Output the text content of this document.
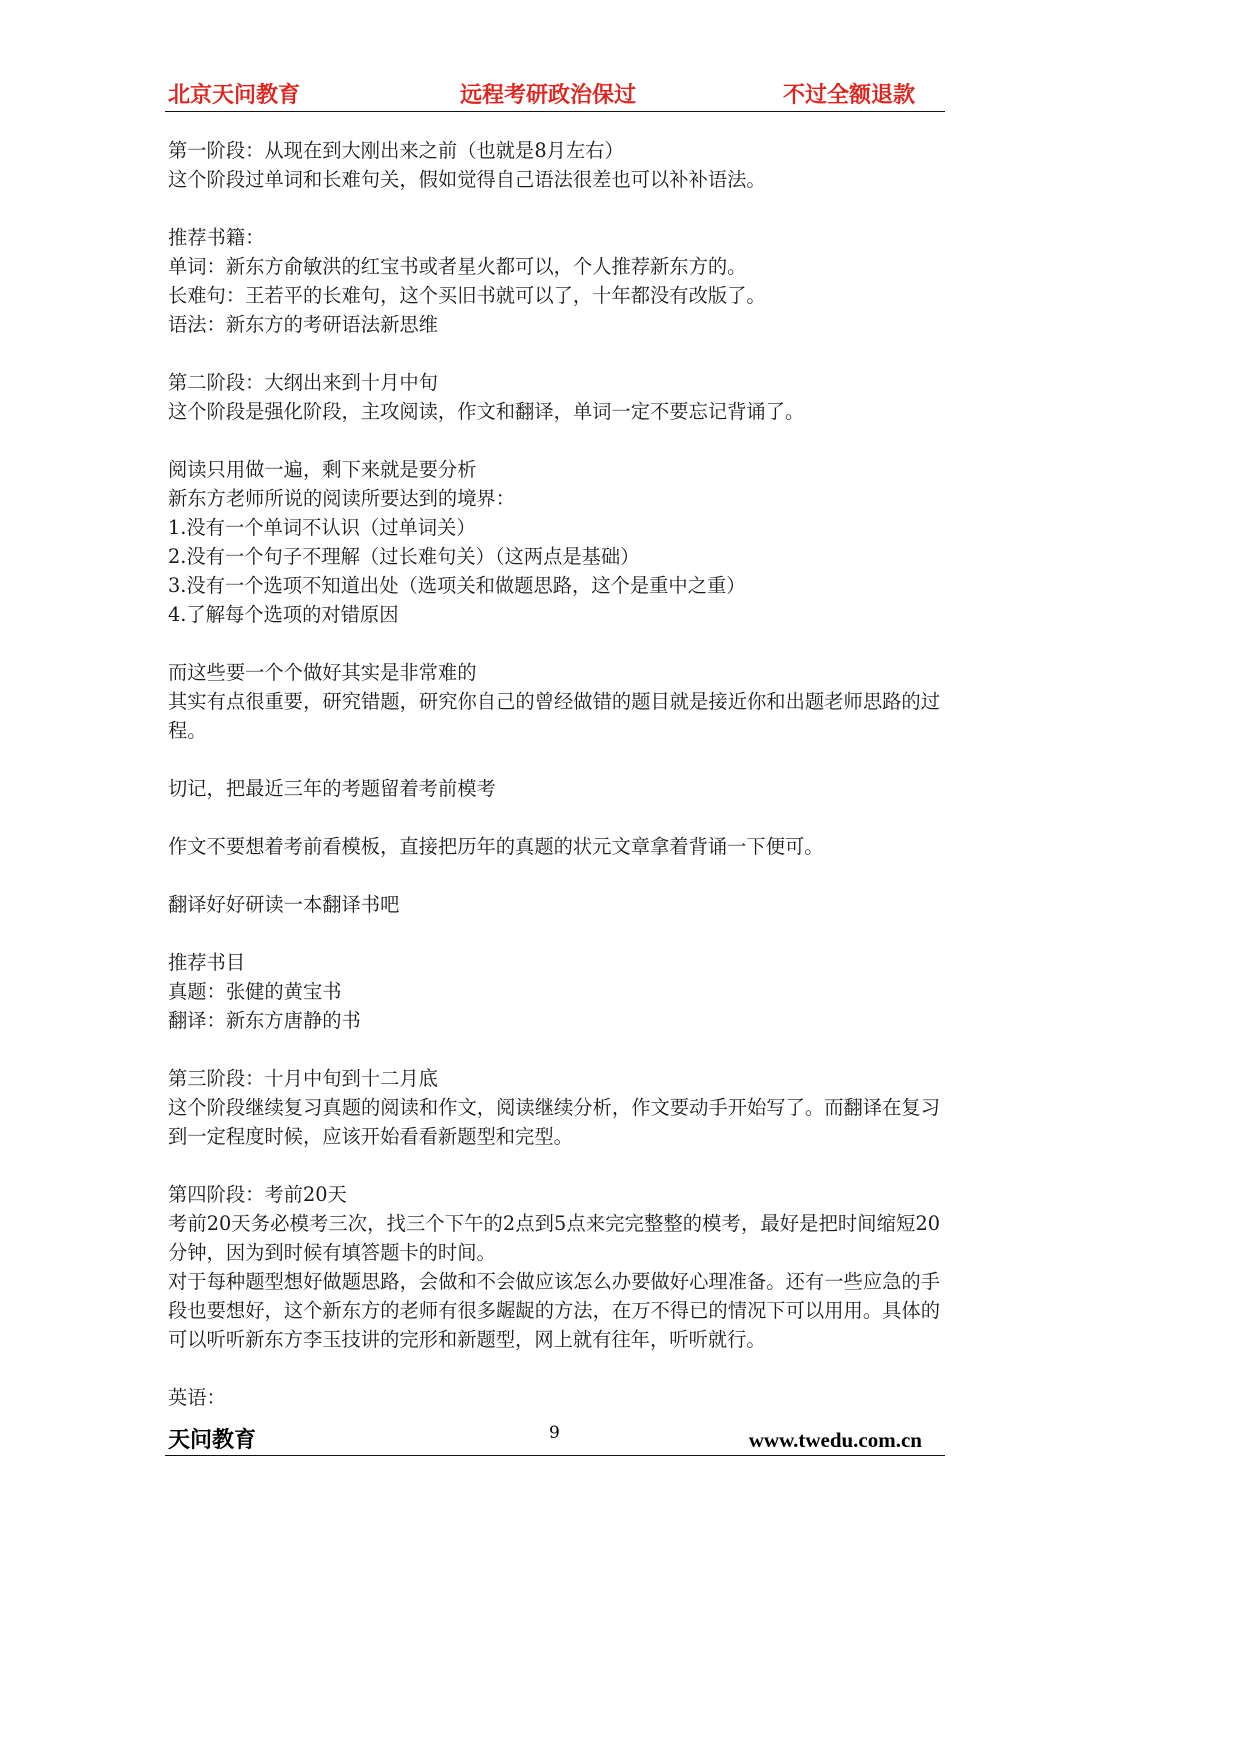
北京天问教育	远程考研政治保过	不过全额退款
第一阶段：从现在到大刚出来之前（也就是8月左右）
这个阶段过单词和长难句关，假如觉得自己语法很差也可以补补语法。
推荐书籍：
单词：新东方俞敏洪的红宝书或者星火都可以，个人推荐新东方的。
长难句：王若平的长难句，这个买旧书就可以了，十年都没有改版了。
语法：新东方的考研语法新思维
第二阶段：大纲出来到十月中旬
这个阶段是强化阶段，主攻阅读，作文和翻译，单词一定不要忘记背诵了。
阅读只用做一遍，剩下来就是要分析
新东方老师所说的阅读所要达到的境界：
1.没有一个单词不认识（过单词关）
2.没有一个句子不理解（过长难句关）（这两点是基础）
3.没有一个选项不知道出处（选项关和做题思路，这个是重中之重）
4.了解每个选项的对错原因
而这些要一个个做好其实是非常难的
其实有点很重要，研究错题，研究你自己的曾经做错的题目就是接近你和出题老师思路的过
程。
切记，把最近三年的考题留着考前模考
作文不要想着考前看模板，直接把历年的真题的状元文章拿着背诵一下便可。
翻译好好研读一本翻译书吧
推荐书目
真题：张健的黄宝书
翻译：新东方唐静的书
第三阶段：十月中旬到十二月底
这个阶段继续复习真题的阅读和作文，阅读继续分析，作文要动手开始写了。而翻译在复习
到一定程度时候，应该开始看看新题型和完型。
第四阶段：考前20天
考前20天务必模考三次，找三个下午的2点到5点来完完整整的模考，最好是把时间缩短20
分钟，因为到时候有填答题卡的时间。
对于每种题型想好做题思路，会做和不会做应该怎么办要做好心理准备。还有一些应急的手
段也要想好，这个新东方的老师有很多龌龊的方法，在万不得已的情况下可以用用。具体的
可以听听新东方李玉技讲的完形和新题型，网上就有往年，听听就行。
英语：
天问教育	9	www.twedu.com.cn
